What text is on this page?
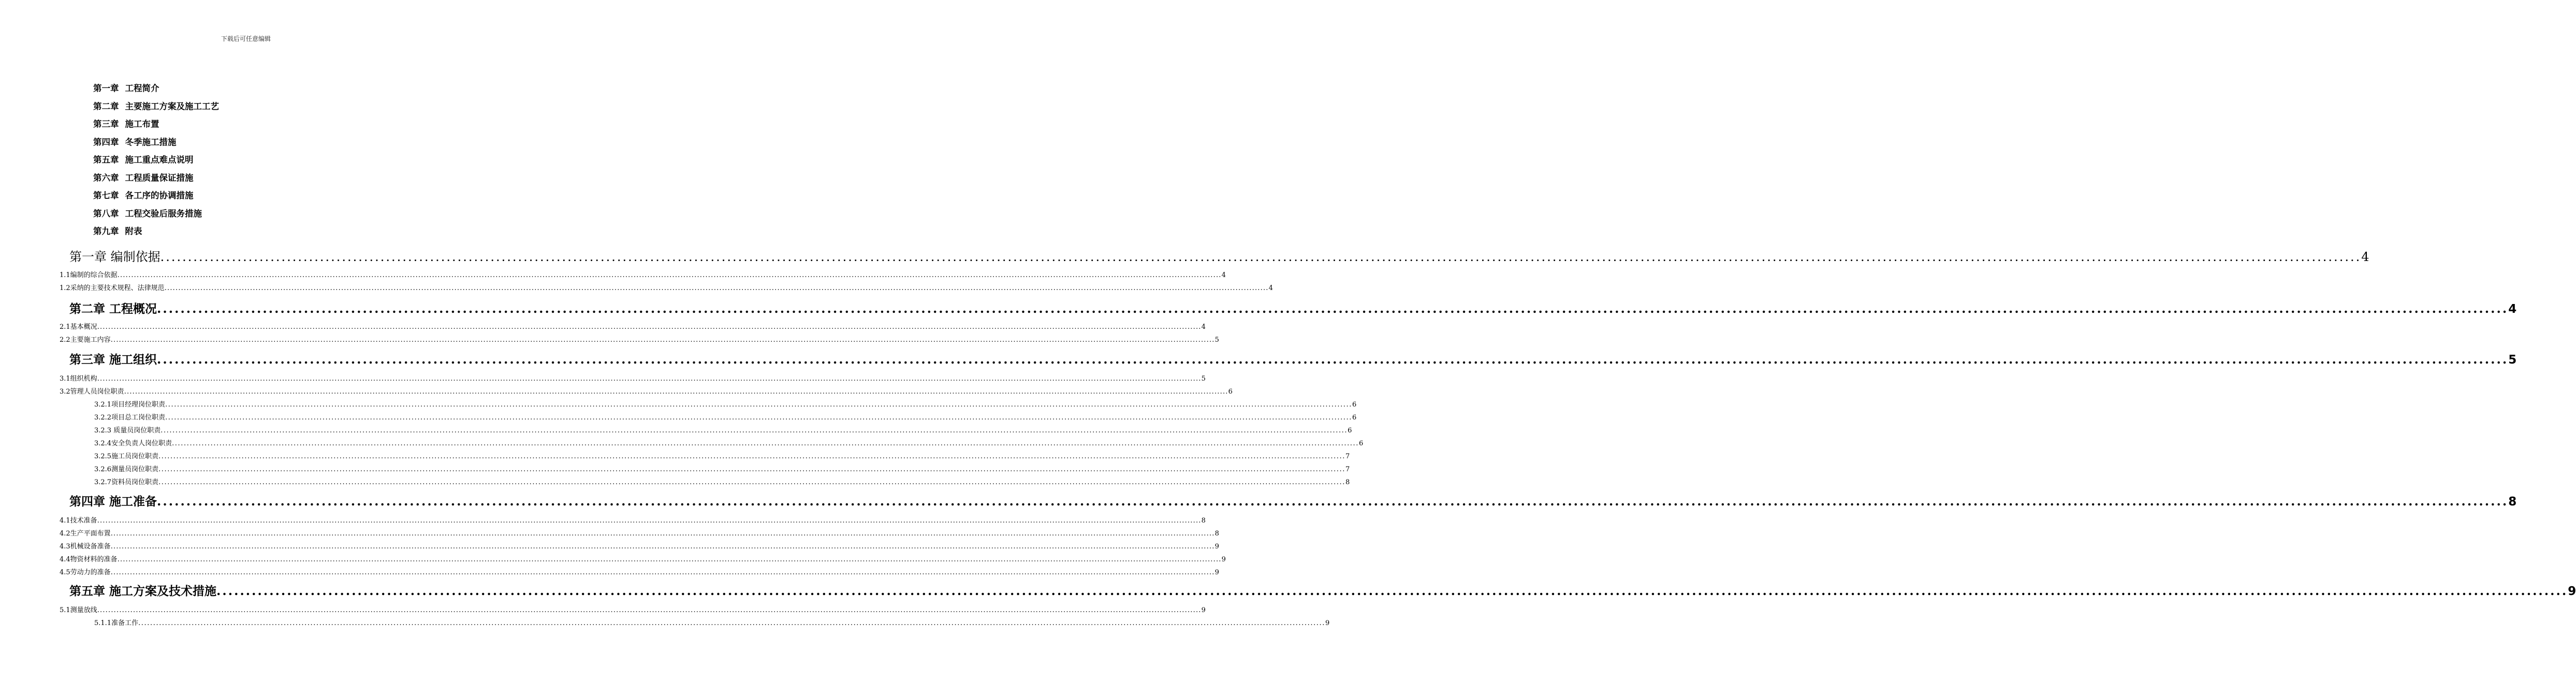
下载后可任意编辑
第一章 工程简介
第二章 主要施工方案及施工工艺
第三章 施工布置
第四章 冬季施工措施
第五章 施工重点难点说明
第六章 工程质量保证措施
第七章 各工序的协调措施
第八章 工程交验后服务措施
第九章 附表
第一章 编制依据 ................................................................................................................................................................................................................................................................................................................................................................................................................ 4
1.1编制的综合依据 ................................................................................................................................................................................................................................................................................................................................................................................................................ 4
1.2采纳的主要技术规程、法律规范 ................................................................................................................................................................................................................................................................................................................................................................................................................ 4
第二章 工程概况 ................................................................................................................................................................................................................................................................................................................................................................................................................ 4
2.1基本概况 ................................................................................................................................................................................................................................................................................................................................................................................................................ 4
2.2主要施工内容 ................................................................................................................................................................................................................................................................................................................................................................................................................ 5
第三章 施工组织 ................................................................................................................................................................................................................................................................................................................................................................................................................ 5
3.1组织机构 ................................................................................................................................................................................................................................................................................................................................................................................................................ 5
3.2管理人员岗位职责 ................................................................................................................................................................................................................................................................................................................................................................................................................ 6
3.2.1项目经理岗位职责 ................................................................................................................................................................................................................................................................................................................................................................................................................ 6
3.2.2项目总工岗位职责 ................................................................................................................................................................................................................................................................................................................................................................................................................ 6
3.2.3 质量员岗位职责 ................................................................................................................................................................................................................................................................................................................................................................................................................ 6
3.2.4安全负责人岗位职责 ................................................................................................................................................................................................................................................................................................................................................................................................................ 6
3.2.5施工员岗位职责 ................................................................................................................................................................................................................................................................................................................................................................................................................ 7
3.2.6测量员岗位职责 ................................................................................................................................................................................................................................................................................................................................................................................................................ 7
3.2.7资料员岗位职责 ................................................................................................................................................................................................................................................................................................................................................................................................................ 8
第四章 施工准备 ................................................................................................................................................................................................................................................................................................................................................................................................................ 8
4.1技术准备 ................................................................................................................................................................................................................................................................................................................................................................................................................ 8
4.2生产平面布置 ................................................................................................................................................................................................................................................................................................................................................................................................................ 8
4.3机械设备准备 ................................................................................................................................................................................................................................................................................................................................................................................................................ 9
4.4物资材料的准备 ................................................................................................................................................................................................................................................................................................................................................................................................................ 9
4.5劳动力的准备 ................................................................................................................................................................................................................................................................................................................................................................................................................ 9
第五章 施工方案及技术措施 ................................................................................................................................................................................................................................................................................................................................................................................................................ 9
5.1测量放线 ................................................................................................................................................................................................................................................................................................................................................................................................................ 9
5.1.1准备工作 ................................................................................................................................................................................................................................................................................................................................................................................................................ 9
